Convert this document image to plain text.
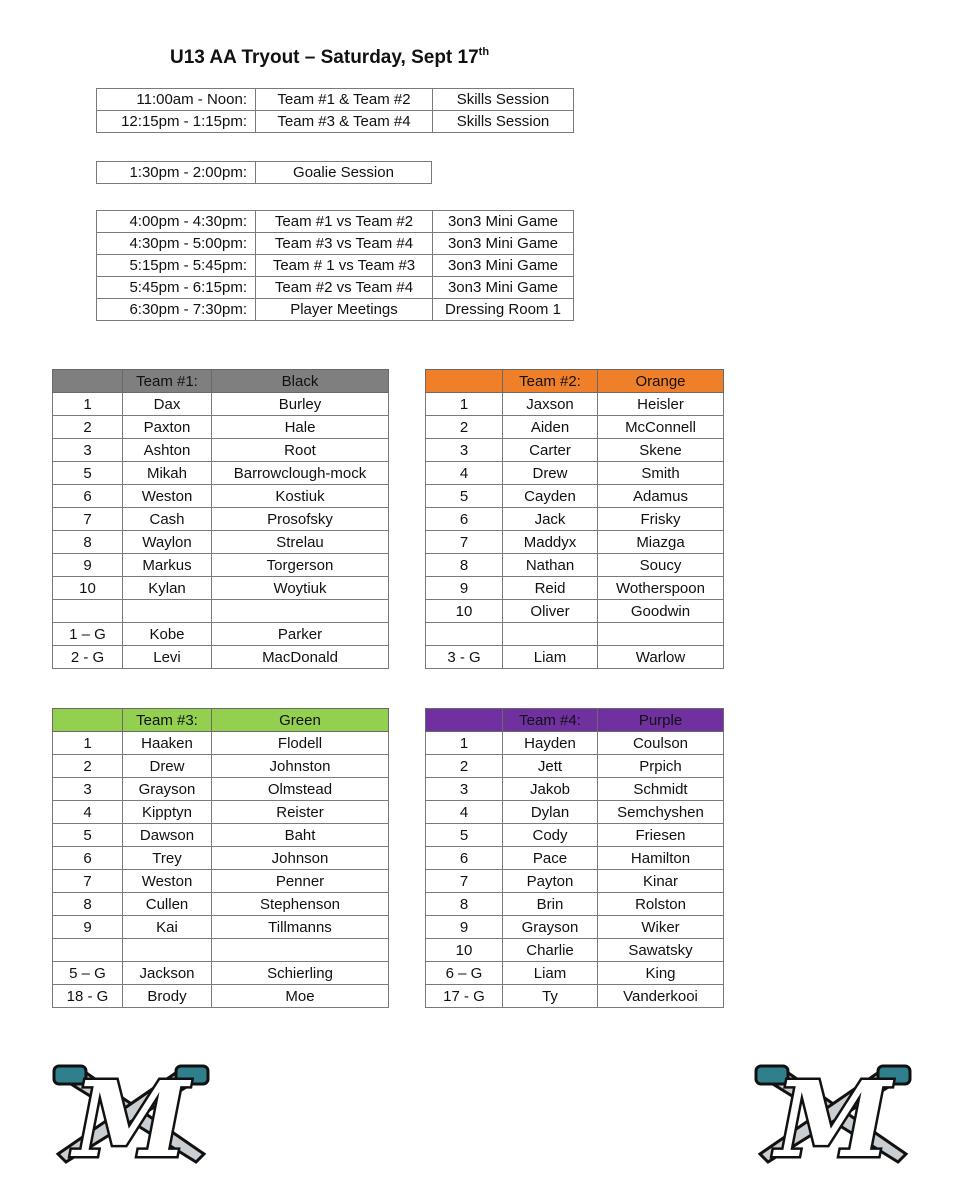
U13 AA Tryout – Saturday, Sept 17th
11:00am - Noon:	Team #1 & Team #2	Skills Session
12:15pm - 1:15pm:	Team #3 & Team #4	Skills Session
1:30pm - 2:00pm:	Goalie Session
4:00pm - 4:30pm:	Team #1 vs Team #2	3on3 Mini Game
4:30pm - 5:00pm:	Team #3 vs Team #4	3on3 Mini Game
5:15pm - 5:45pm:	Team # 1 vs Team #3	3on3 Mini Game
5:45pm - 6:15pm:	Team #2 vs Team #4	3on3 Mini Game
6:30pm - 7:30pm:	Player Meetings	Dressing Room 1
	Team #1:	Black
1	Dax	Burley
2	Paxton	Hale
3	Ashton	Root
5	Mikah	Barrowclough-mock
6	Weston	Kostiuk
7	Cash	Prosofsky
8	Waylon	Strelau
9	Markus	Torgerson
10	Kylan	Woytiuk

1 – G	Kobe	Parker
2 - G	Levi	MacDonald
	Team #2:	Orange
1	Jaxson	Heisler
2	Aiden	McConnell
3	Carter	Skene
4	Drew	Smith
5	Cayden	Adamus
6	Jack	Frisky
7	Maddyx	Miazga
8	Nathan	Soucy
9	Reid	Wotherspoon
10	Oliver	Goodwin

3 - G	Liam	Warlow
	Team #3:	Green
1	Haaken	Flodell
2	Drew	Johnston
3	Grayson	Olmstead
4	Kipptyn	Reister
5	Dawson	Baht
6	Trey	Johnson
7	Weston	Penner
8	Cullen	Stephenson
9	Kai	Tillmanns

5 – G	Jackson	Schierling
18 - G	Brody	Moe
	Team #4:	Purple
1	Hayden	Coulson
2	Jett	Prpich
3	Jakob	Schmidt
4	Dylan	Semchyshen
5	Cody	Friesen
6	Pace	Hamilton
7	Payton	Kinar
8	Brin	Rolston
9	Grayson	Wiker
10	Charlie	Sawatsky
6 – G	Liam	King
17 - G	Ty	Vanderkooi
M	M
